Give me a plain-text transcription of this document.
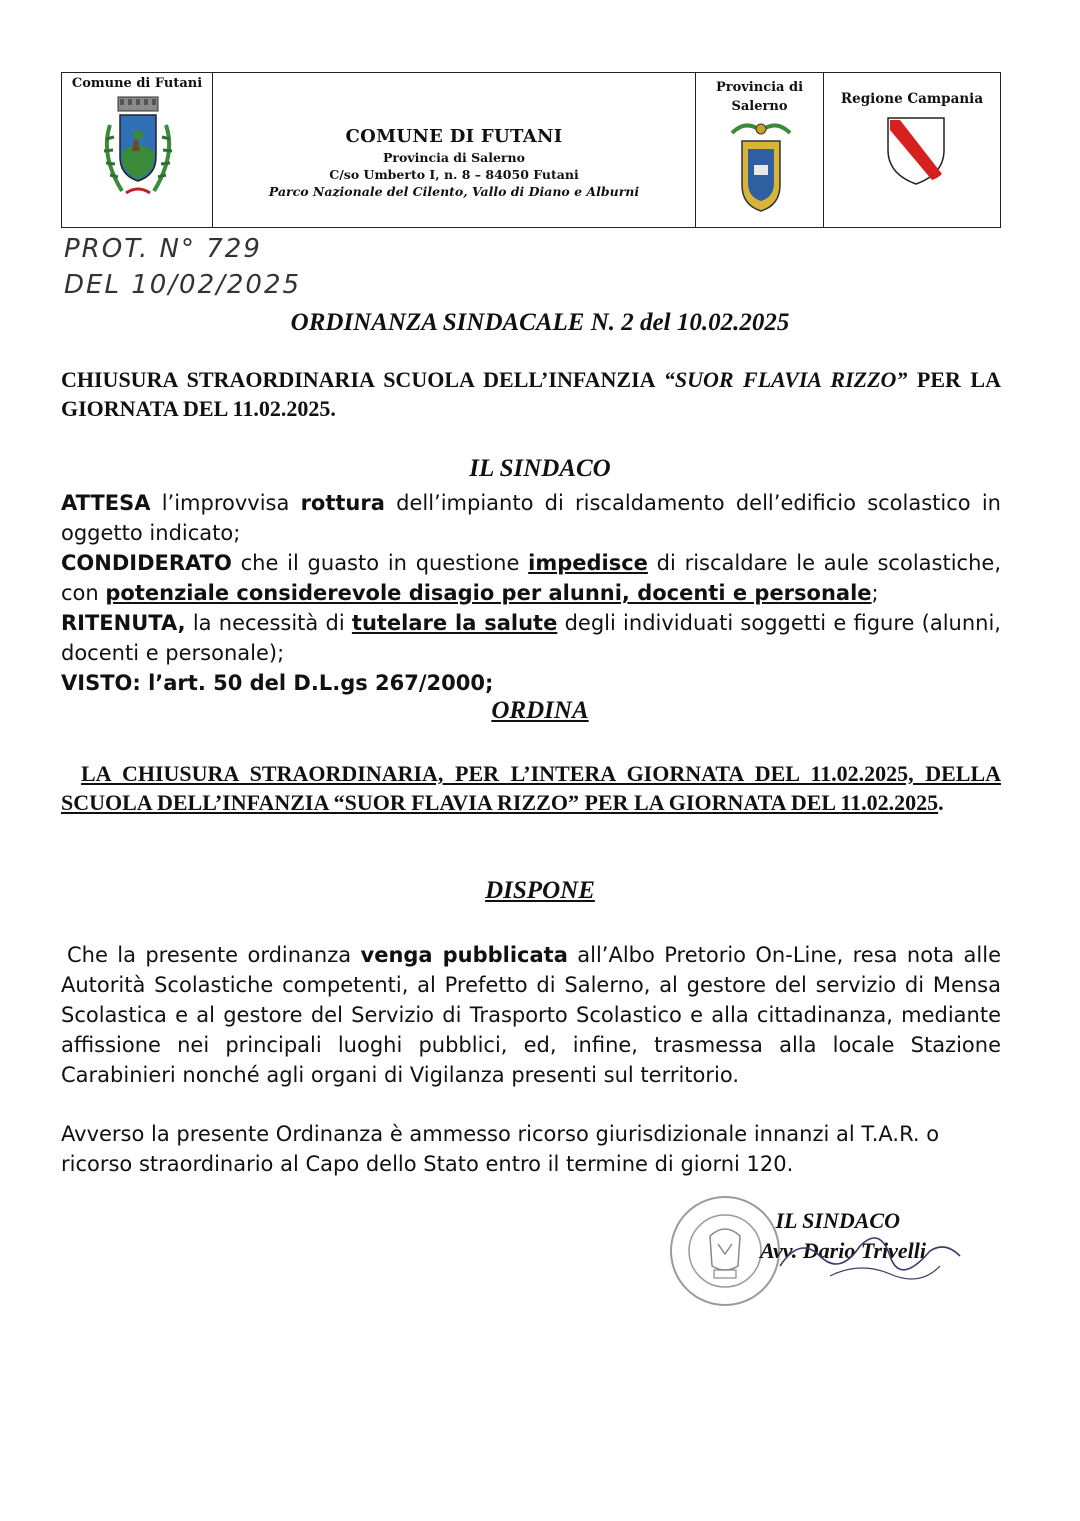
Comune di Futani
COMUNE DI FUTANI
Provincia di Salerno
C/so Umberto I, n. 8 – 84050 Futani
Parco Nazionale del Cilento, Vallo di Diano e Alburni
Provincia di Salerno	Regione Campania
PROT. N° 729
DEL 10/02/2025
ORDINANZA SINDACALE N. 2 del 10.02.2025
CHIUSURA STRAORDINARIA SCUOLA DELL’INFANZIA “SUOR FLAVIA RIZZO” PER LA GIORNATA DEL 11.02.2025.
IL SINDACO

ATTESA l’improvvisa rottura dell’impianto di riscaldamento dell’edificio scolastico in oggetto indicato;

CONDIDERATO che il guasto in questione impedisce di riscaldare le aule scolastiche, con potenziale considerevole disagio per alunni, docenti e personale;

RITENUTA, la necessità di tutelare la salute degli individuati soggetti e figure (alunni, docenti e personale);

VISTO: l’art. 50 del D.L.gs 267/2000;

ORDINA
LA CHIUSURA STRAORDINARIA, PER L’INTERA GIORNATA DEL 11.02.2025, DELLA SCUOLA DELL’INFANZIA “SUOR FLAVIA RIZZO” PER LA GIORNATA DEL 11.02.2025.
DISPONE

Che la presente ordinanza venga pubblicata all’Albo Pretorio On-Line, resa nota alle Autorità Scolastiche competenti, al Prefetto di Salerno, al gestore del servizio di Mensa Scolastica e al gestore del Servizio di Trasporto Scolastico e alla cittadinanza, mediante affissione nei principali luoghi pubblici, ed, infine, trasmessa alla locale Stazione Carabinieri nonché agli organi di Vigilanza presenti sul territorio.

Avverso la presente Ordinanza è ammesso ricorso giurisdizionale innanzi al T.A.R. o ricorso straordinario al Capo dello Stato entro il termine di giorni 120.

IL SINDACO
Avv. Dario Trivelli
